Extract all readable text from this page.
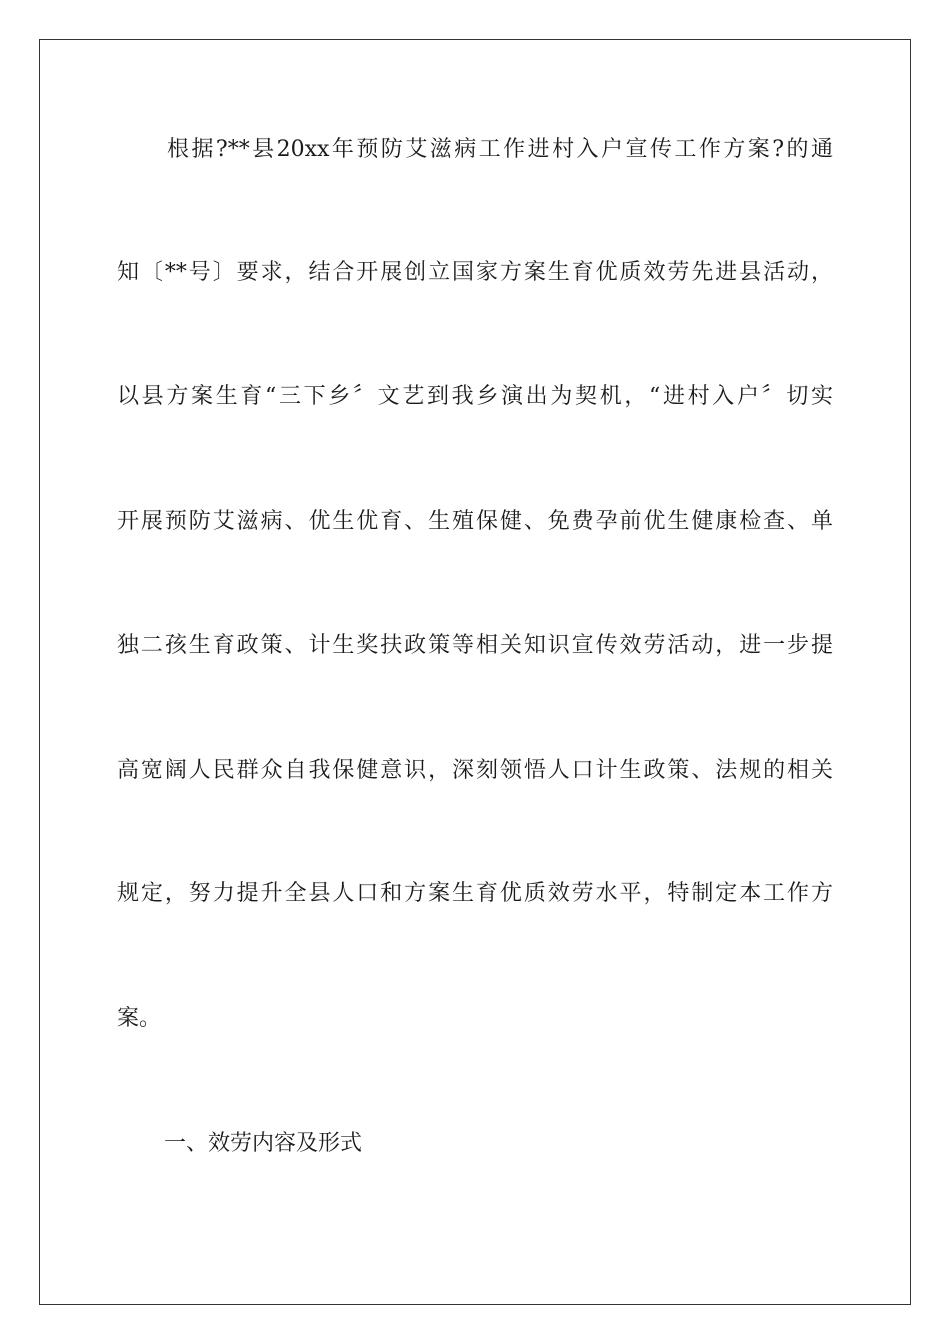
根据?**县20xx年预防艾滋病工作进村入户宣传工作方案?的通
知〔**号〕要求，结合开展创立国家方案生育优质效劳先进县活动，
以县方案生育“三下乡〞文艺到我乡演出为契机，“进村入户〞切实
开展预防艾滋病、优生优育、生殖保健、免费孕前优生健康检查、单
独二孩生育政策、计生奖扶政策等相关知识宣传效劳活动，进一步提
高宽阔人民群众自我保健意识，深刻领悟人口计生政策、法规的相关
规定，努力提升全县人口和方案生育优质效劳水平，特制定本工作方
案。
一、效劳内容及形式
